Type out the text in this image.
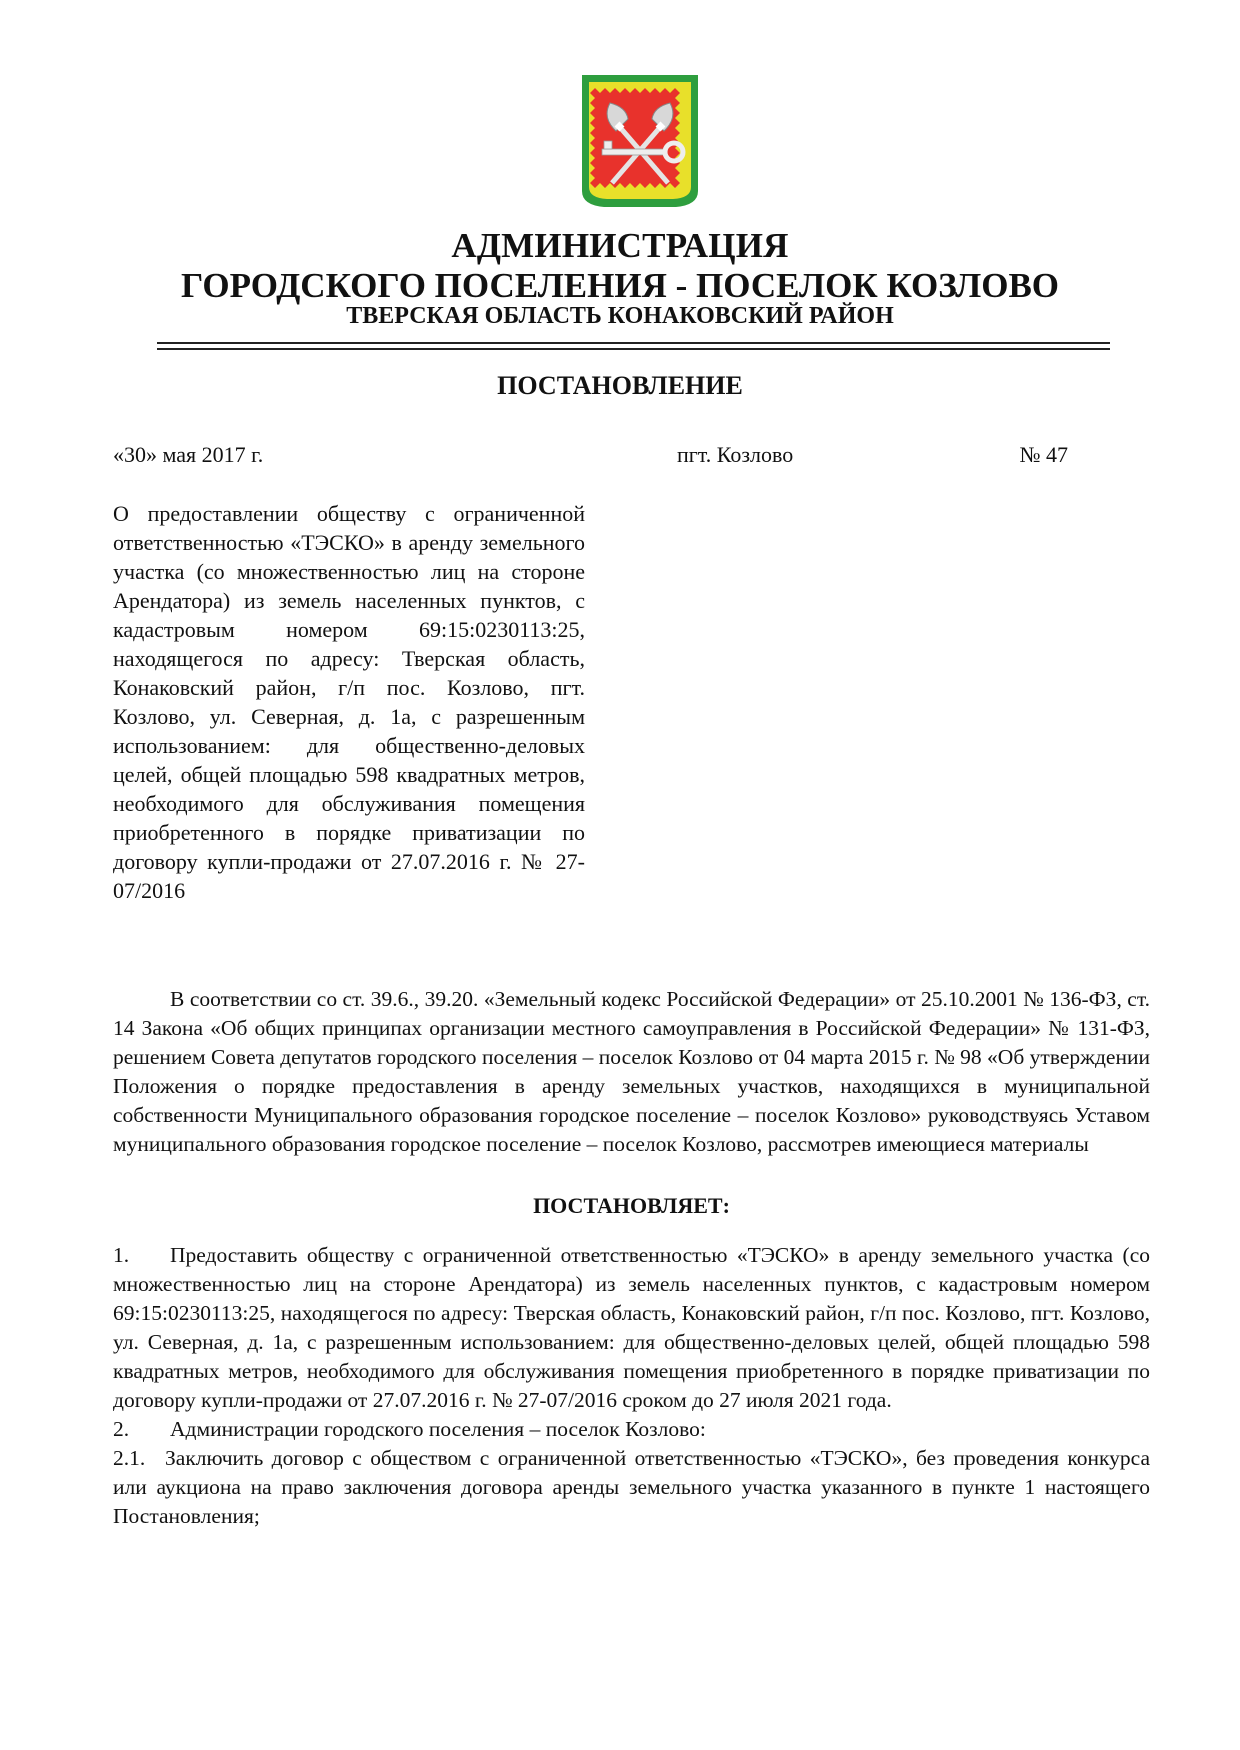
АДМИНИСТРАЦИЯ
ГОРОДСКОГО ПОСЕЛЕНИЯ - ПОСЕЛОК КОЗЛОВО
ТВЕРСКАЯ ОБЛАСТЬ КОНАКОВСКИЙ РАЙОН
ПОСТАНОВЛЕНИЕ
«30» мая 2017 г.	пгт. Козлово	№ 47

О предоставлении обществу с ограниченной ответственностью «ТЭСКО» в аренду земельного участка (со множественностью лиц на стороне Арендатора) из земель населенных пунктов, с кадастровым номером 69:15:0230113:25, находящегося по адресу: Тверская область, Конаковский район, г/п пос. Козлово, пгт. Козлово, ул. Северная, д. 1а, с разрешенным использованием: для общественно-деловых целей, общей площадью 598 квадратных метров, необходимого для обслуживания помещения приобретенного в порядке приватизации по договору купли-продажи от 27.07.2016 г. № 27-07/2016

В соответствии со ст. 39.6., 39.20. «Земельный кодекс Российской Федерации» от 25.10.2001 № 136-ФЗ, ст. 14 Закона «Об общих принципах организации местного самоуправления в Российской Федерации» № 131-ФЗ, решением Совета депутатов городского поселения – поселок Козлово от 04 марта 2015 г. № 98 «Об утверждении Положения о порядке предоставления в аренду земельных участков, находящихся в муниципальной собственности Муниципального образования городское поселение – поселок Козлово» руководствуясь Уставом муниципального образования городское поселение – поселок Козлово, рассмотрев имеющиеся материалы

ПОСТАНОВЛЯЕТ:

1. Предоставить обществу с ограниченной ответственностью «ТЭСКО» в аренду земельного участка (со множественностью лиц на стороне Арендатора) из земель населенных пунктов, с кадастровым номером 69:15:0230113:25, находящегося по адресу: Тверская область, Конаковский район, г/п пос. Козлово, пгт. Козлово, ул. Северная, д. 1а, с разрешенным использованием: для общественно-деловых целей, общей площадью 598 квадратных метров, необходимого для обслуживания помещения приобретенного в порядке приватизации по договору купли-продажи от 27.07.2016 г. № 27-07/2016 сроком до 27 июля 2021 года.

2. Администрации городского поселения – поселок Козлово:

2.1. Заключить договор с обществом с ограниченной ответственностью «ТЭСКО», без проведения конкурса или аукциона на право заключения договора аренды земельного участка указанного в пункте 1 настоящего Постановления;
